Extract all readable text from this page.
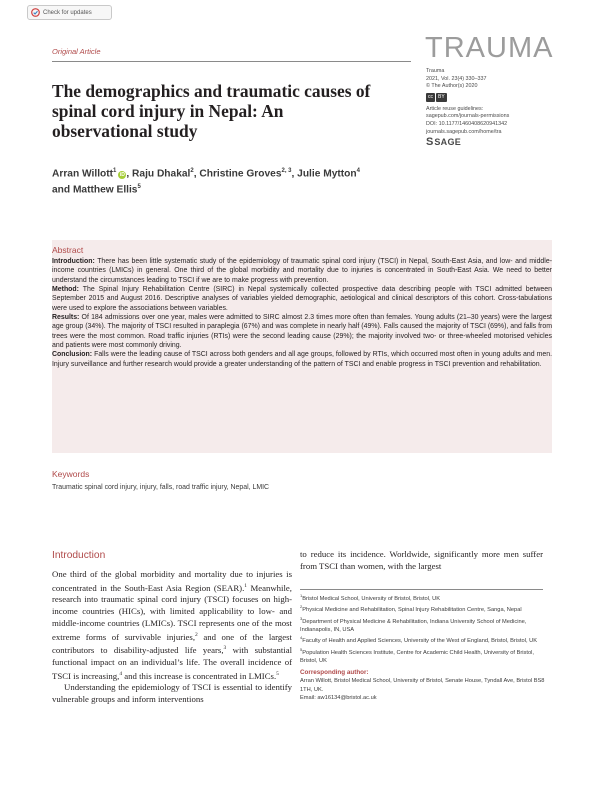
Check for updates
Original Article	TRAUMA
Trauma
2021, Vol. 23(4) 330–337
© The Author(s) 2020
cc	BY
Article reuse guidelines:
sagepub.com/journals-permissions
DOI: 10.1177/1460408620941342
journals.sagepub.com/home/tra
S SAGE
The demographics and traumatic causes of spinal cord injury in Nepal: An observational study
Arran Willott$^1$iD , Raju Dhakal$^2$, Christine Groves$^{2, 3}$, Julie Mytton$^4$
and Matthew Ellis$^5$
Abstract

Introduction: There has been little systematic study of the epidemiology of traumatic spinal cord injury (TSCI) in Nepal, South-East Asia, and low- and middle-income countries (LMICs) in general. One third of the global morbidity and mortality due to injuries is concentrated in South-East Asia. We need to better understand the circumstances leading to TSCI if we are to make progress with prevention.

Method: The Spinal Injury Rehabilitation Centre (SIRC) in Nepal systemically collected prospective data describing people with TSCI admitted between September 2015 and August 2016. Descriptive analyses of variables yielded demographic, aetiological and clinical descriptors of this cohort. Cross-tabulations were used to explore the associations between variables.

Results: Of 184 admissions over one year, males were admitted to SIRC almost 2.3 times more often than females. Young adults (21–30 years) were the largest age group (34%). The majority of TSCI resulted in paraplegia (67%) and was complete in nearly half (49%). Falls caused the majority of TSCI (69%), and falls from trees were the most common. Road traffic injuries (RTIs) were the second leading cause (29%); the majority involved two- or three-wheeled motorised vehicles and patients were most commonly driving.

Conclusion: Falls were the leading cause of TSCI across both genders and all age groups, followed by RTIs, which occurred most often in young adults and men. Injury surveillance and further research would provide a greater understanding of the pattern of TSCI and enable progress in TSCI prevention and rehabilitation.

Keywords

Traumatic spinal cord injury, injury, falls, road traffic injury, Nepal, LMIC

Introduction

One third of the global morbidity and mortality due to injuries is concentrated in the South-East Asia Region (SEAR).$^1$ Meanwhile, research into traumatic spinal cord injury (TSCI) focuses on high-income countries (HICs), with limited applicability to low- and middle-income countries (LMICs). TSCI represents one of the most extreme forms of survivable injuries,$^2$ and one of the largest contributors to disability-adjusted life years,$^3$ with substantial functional impact on an individual’s life. The overall incidence of TSCI is increasing,$^4$ and this increase is concentrated in LMICs.$^5$

Understanding the epidemiology of TSCI is essential to identify vulnerable groups and inform interventions

to reduce its incidence. Worldwide, significantly more men suffer from TSCI than women, with the largest

$^1$Bristol Medical School, University of Bristol, Bristol, UK

$^2$Physical Medicine and Rehabilitation, Spinal Injury Rehabilitation Centre, Sanga, Nepal

$^3$Department of Physical Medicine & Rehabilitation, Indiana University School of Medicine, Indianapolis, IN, USA

$^4$Faculty of Health and Applied Sciences, University of the West of England, Bristol, Bristol, UK

$^5$Population Health Sciences Institute, Centre for Academic Child Health, University of Bristol, Bristol, UK

Corresponding author:
Arran Willott, Bristol Medical School, University of Bristol, Senate House, Tyndall Ave, Bristol BS8 1TH, UK.
Email: aw16134@bristol.ac.uk
